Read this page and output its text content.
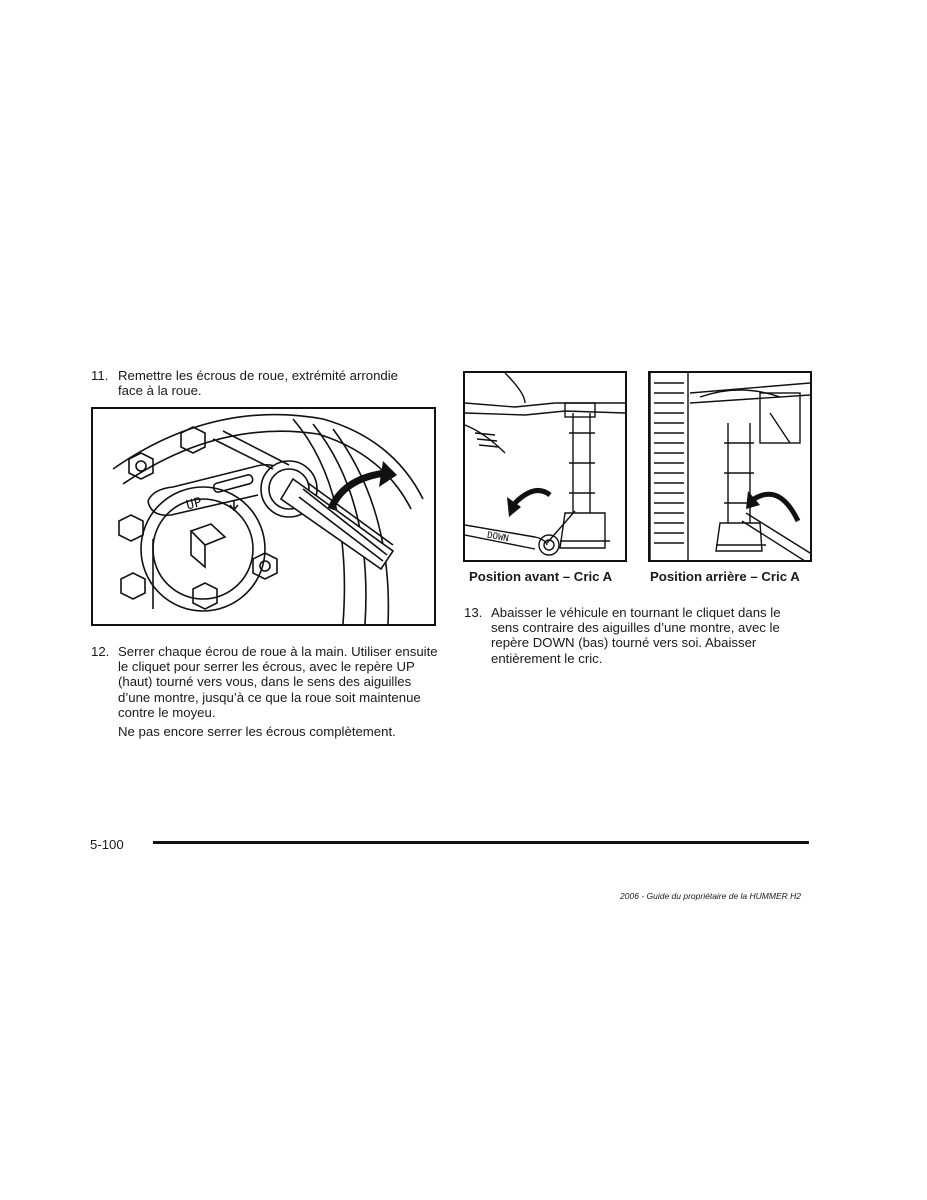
11. Remettre les écrous de roue, extrémité arrondie face à la roue.
UP
12. Serrer chaque écrou de roue à la main. Utiliser ensuite le cliquet pour serrer les écrous, avec le repère UP (haut) tourné vers vous, dans le sens des aiguilles d’une montre, jusqu’à ce que la roue soit maintenue contre le moyeu.
Ne pas encore serrer les écrous complètement.
DOWN
Position avant – Cric A	Position arrière – Cric A
13. Abaisser le véhicule en tournant le cliquet dans le sens contraire des aiguilles d’une montre, avec le repère DOWN (bas) tourné vers soi. Abaisser entièrement le cric.
5-100
2006 - Guide du propriétaire de la HUMMER H2
